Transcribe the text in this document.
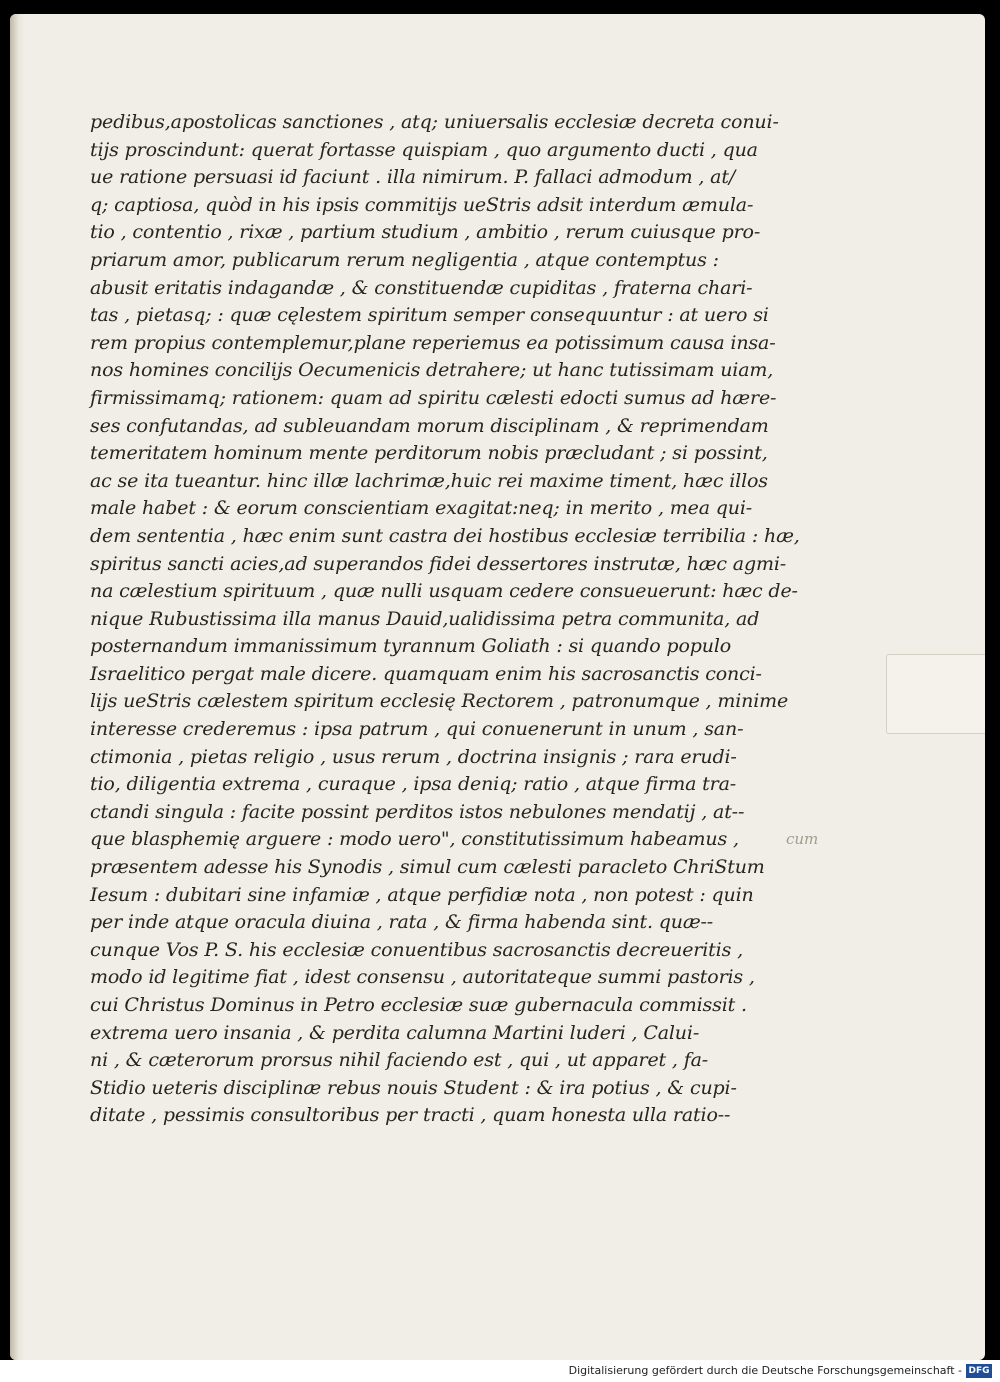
pedibus,apostolicas sanctiones , atq; uniuersalis ecclesiæ decreta conui-
tijs proscindunt: querat fortasse quispiam , quo argumento ducti , qua
ue ratione persuasi id faciunt . illa nimirum. P. fallaci admodum , at/
q; captiosa, quòd in his ipsis commitijs ueStris adsit interdum æmula-
tio , contentio , rixæ , partium studium , ambitio , rerum cuiusque pro-
priarum amor, publicarum rerum negligentia , atque contemptus :
abusit eritatis indagandæ , & constituendæ cupiditas , fraterna chari-
tas , pietasq; : quæ cęlestem spiritum semper consequuntur : at uero si
rem propius contemplemur,plane reperiemus ea potissimum causa insa-
nos homines concilijs Oecumenicis detrahere; ut hanc tutissimam uiam,
firmissimamq; rationem: quam ad spiritu cælesti edocti sumus ad hære-
ses confutandas, ad subleuandam morum disciplinam , & reprimendam
temeritatem hominum mente perditorum nobis præcludant ; si possint,
ac se ita tueantur. hinc illæ lachrimæ,huic rei maxime timent, hæc illos
male habet : & eorum conscientiam exagitat:neq; in merito , mea qui-
dem sententia , hæc enim sunt castra dei hostibus ecclesiæ terribilia : hæ,
spiritus sancti acies,ad superandos fidei dessertores instrutæ, hæc agmi-
na cælestium spirituum , quæ nulli usquam cedere consueuerunt: hæc de-
nique Rubustissima illa manus Dauid,ualidissima petra communita, ad
posternandum immanissimum tyrannum Goliath : si quando populo
Israelitico pergat male dicere. quamquam enim his sacrosanctis conci-
lijs ueStris cælestem spiritum ecclesię Rectorem , patronumque , minime
interesse crederemus : ipsa patrum , qui conuenerunt in unum , san-
ctimonia , pietas religio , usus rerum , doctrina insignis ; rara erudi-
tio, diligentia extrema , curaque , ipsa deniq; ratio , atque firma tra-
ctandi singula : facite possint perditos istos nebulones mendatij , at--
que blasphemię arguere : modo uero", constitutissimum habeamus ,
præsentem adesse his Synodis , simul cum cælesti paracleto ChriStum
Iesum : dubitari sine infamiæ , atque perfidiæ nota , non potest : quin
per inde atque oracula diuina , rata , & firma habenda sint. quæ--
cunque Vos P. S. his ecclesiæ conuentibus sacrosanctis decreueritis ,
modo id legitime fiat , idest consensu , autoritateque summi pastoris ,
cui Christus Dominus in Petro ecclesiæ suæ gubernacula commissit .
extrema uero insania , & perdita calumna Martini luderi , Calui-
ni , & cæterorum prorsus nihil faciendo est , qui , ut apparet , fa-
Stidio ueteris disciplinæ rebus nouis Student : & ira potius , & cupi-
ditate , pessimis consultoribus per tracti , quam honesta ulla ratio--
cum
Digitalisierung gefördert durch die Deutsche Forschungsgemeinschaft - DFG
